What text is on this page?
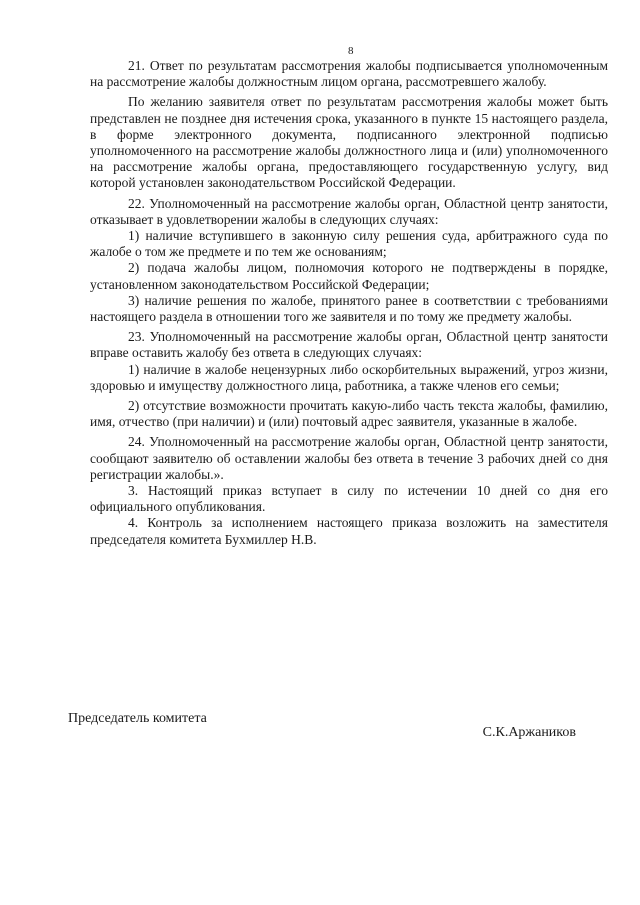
8

21. Ответ по результатам рассмотрения жалобы подписывается уполномоченным на рассмотрение жалобы должностным лицом органа, рассмотревшего жалобу.

По желанию заявителя ответ по результатам рассмотрения жалобы может быть представлен не позднее дня истечения срока, указанного в пункте 15 настоящего раздела, в форме электронного документа, подписанного электронной подписью уполномоченного на рассмотрение жалобы должностного лица и (или) уполномоченного на рассмотрение жалобы органа, предоставляющего государственную услугу, вид которой установлен законодательством Российской Федерации.

22. Уполномоченный на рассмотрение жалобы орган, Областной центр занятости, отказывает в удовлетворении жалобы в следующих случаях:

1) наличие вступившего в законную силу решения суда, арбитражного суда по жалобе о том же предмете и по тем же основаниям;

2) подача жалобы лицом, полномочия которого не подтверждены в порядке, установленном законодательством Российской Федерации;

3) наличие решения по жалобе, принятого ранее в соответствии с требованиями настоящего раздела в отношении того же заявителя и по тому же предмету жалобы.

23. Уполномоченный на рассмотрение жалобы орган, Областной центр занятости вправе оставить жалобу без ответа в следующих случаях:

1) наличие в жалобе нецензурных либо оскорбительных выражений, угроз жизни, здоровью и имуществу должностного лица, работника, а также членов его семьи;

2) отсутствие возможности прочитать какую-либо часть текста жалобы, фамилию, имя, отчество (при наличии) и (или) почтовый адрес заявителя, указанные в жалобе.

24. Уполномоченный на рассмотрение жалобы орган, Областной центр занятости, сообщают заявителю об оставлении жалобы без ответа в течение 3 рабочих дней со дня регистрации жалобы.».

3. Настоящий приказ вступает в силу по истечении 10 дней со дня его официального опубликования.

4. Контроль за исполнением настоящего приказа возложить на заместителя председателя комитета Бухмиллер Н.В.

Председатель комитета
С.К.Аржаников
